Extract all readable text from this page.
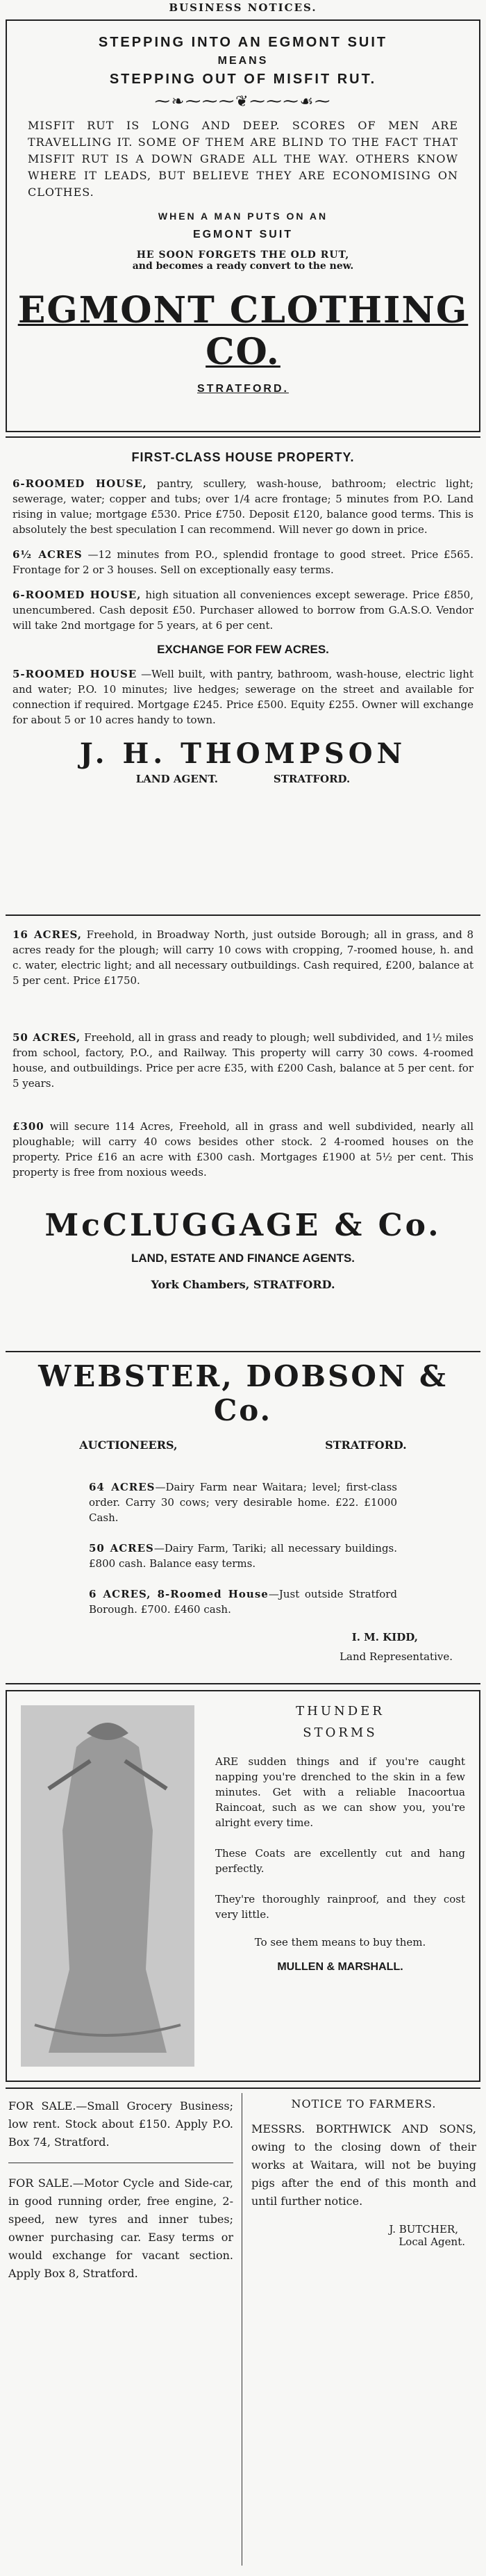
BUSINESS NOTICES.
STEPPING INTO AN EGMONT SUIT
MEANS
STEPPING OUT OF MISFIT RUT.
⁓❧⁓⁓⁓❦⁓⁓⁓☙⁓
MISFIT RUT IS LONG AND DEEP. SCORES OF MEN ARE TRAVELLING IT. SOME OF THEM ARE BLIND TO THE FACT THAT MISFIT RUT IS A DOWN GRADE ALL THE WAY. OTHERS KNOW WHERE IT LEADS, BUT BELIEVE THEY ARE ECONOMISING ON CLOTHES.
WHEN A MAN PUTS ON AN
EGMONT SUIT
HE SOON FORGETS THE OLD RUT,
and becomes a ready convert to the new.
EGMONT CLOTHING CO.
STRATFORD.
FIRST-CLASS HOUSE PROPERTY.

6-ROOMED HOUSE, pantry, scullery, wash-house, bathroom; electric light; sewerage, water; copper and tubs; over 1/4 acre frontage; 5 minutes from P.O. Land rising in value; mortgage £530. Price £750. Deposit £120, balance good terms. This is absolutely the best speculation I can recommend. Will never go down in price.

6½ ACRES —12 minutes from P.O., splendid frontage to good street. Price £565. Frontage for 2 or 3 houses. Sell on exceptionally easy terms.

6-ROOMED HOUSE, high situation all conveniences except sewerage. Price £850, unencumbered. Cash deposit £50. Purchaser allowed to borrow from G.A.S.O. Vendor will take 2nd mortgage for 5 years, at 6 per cent.

EXCHANGE FOR FEW ACRES.

5-ROOMED HOUSE —Well built, with pantry, bathroom, wash-house, electric light and water; P.O. 10 minutes; live hedges; sewerage on the street and available for connection if required. Mortgage £245. Price £500. Equity £255. Owner will exchange for about 5 or 10 acres handy to town.

J. H. THOMPSON
LAND AGENT.	STRATFORD.

16 ACRES, Freehold, in Broadway North, just outside Borough; all in grass, and 8 acres ready for the plough; will carry 10 cows with cropping, 7-roomed house, h. and c. water, electric light; and all necessary outbuildings. Cash required, £200, balance at 5 per cent. Price £1750.

50 ACRES, Freehold, all in grass and ready to plough; well subdivided, and 1½ miles from school, factory, P.O., and Railway. This property will carry 30 cows. 4-roomed house, and outbuildings. Price per acre £35, with £200 Cash, balance at 5 per cent. for 5 years.

£300 will secure 114 Acres, Freehold, all in grass and well subdivided, nearly all ploughable; will carry 40 cows besides other stock. 2 4-roomed houses on the property. Price £16 an acre with £300 cash. Mortgages £1900 at 5½ per cent. This property is free from noxious weeds.

McCLUGGAGE & Co.
LAND, ESTATE AND FINANCE AGENTS.
York Chambers, STRATFORD.
WEBSTER, DOBSON & Co.
AUCTIONEERS,	STRATFORD.

64 ACRES—Dairy Farm near Waitara; level; first-class order. Carry 30 cows; very desirable home. £22. £1000 Cash.

50 ACRES—Dairy Farm, Tariki; all necessary buildings. £800 cash. Balance easy terms.

6 ACRES, 8-Roomed House—Just outside Stratford Borough. £700. £460 cash.

I. M. KIDD,
Land Representative.
THUNDER
STORMS

ARE sudden things and if you're caught napping you're drenched to the skin in a few minutes. Get with a reliable Inacoortua Raincoat, such as we can show you, you're alright every time.

These Coats are excellently cut and hang perfectly.

They're thoroughly rainproof, and they cost very little.

To see them means to buy them.

MULLEN & MARSHALL.

FOR SALE.—Small Grocery Business; low rent. Stock about £150. Apply P.O. Box 74, Stratford.

FOR SALE.—Motor Cycle and Side-car, in good running order, free engine, 2-speed, new tyres and inner tubes; owner purchasing car. Easy terms or would exchange for vacant section. Apply Box 8, Stratford.

NOTICE TO FARMERS.

MESSRS. BORTHWICK AND SONS, owing to the closing down of their works at Waitara, will not be buying pigs after the end of this month and until further notice.

J. BUTCHER,
Local Agent.
